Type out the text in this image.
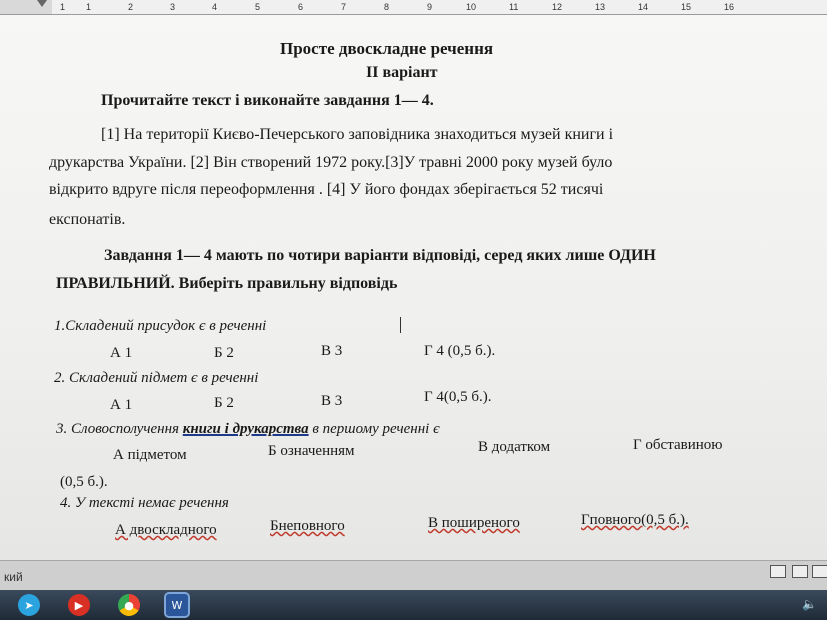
1 1	2	3	4	5	6	7	8	9	10	11	12	13	14	15	16
Просте двоскладне речення
II варіант
Прочитайте текст і виконайте завдання 1— 4.
[1] На території Києво-Печерського заповідника знаходиться музей книги і
друкарства України. [2] Він створений 1972 року.[3]У травні 2000 року музей було
відкрито вдруге після переоформлення . [4] У його фондах зберігається 52 тисячі
експонатів.
Завдання 1— 4 мають по чотири варіанти відповіді, серед яких лише ОДИН
ПРАВИЛЬНИЙ. Виберіть правильну відповідь
1.Складений присудок є в реченні
А 1	Б 2	В 3	Г 4 (0,5 б.).
2. Складений підмет є в реченні
А 1	Б 2	В 3	Г 4(0,5 б.).
3. Словосполучення книги і друкарства в першому реченні є
А підметом	Б означенням	В додатком	Г обставиною
(0,5 б.).
4. У тексті немає речення
А двоскладного	Бнеповного	В поширеного	Гповного(0,5 б.).
кий
➤	▶	●	W	🔈
